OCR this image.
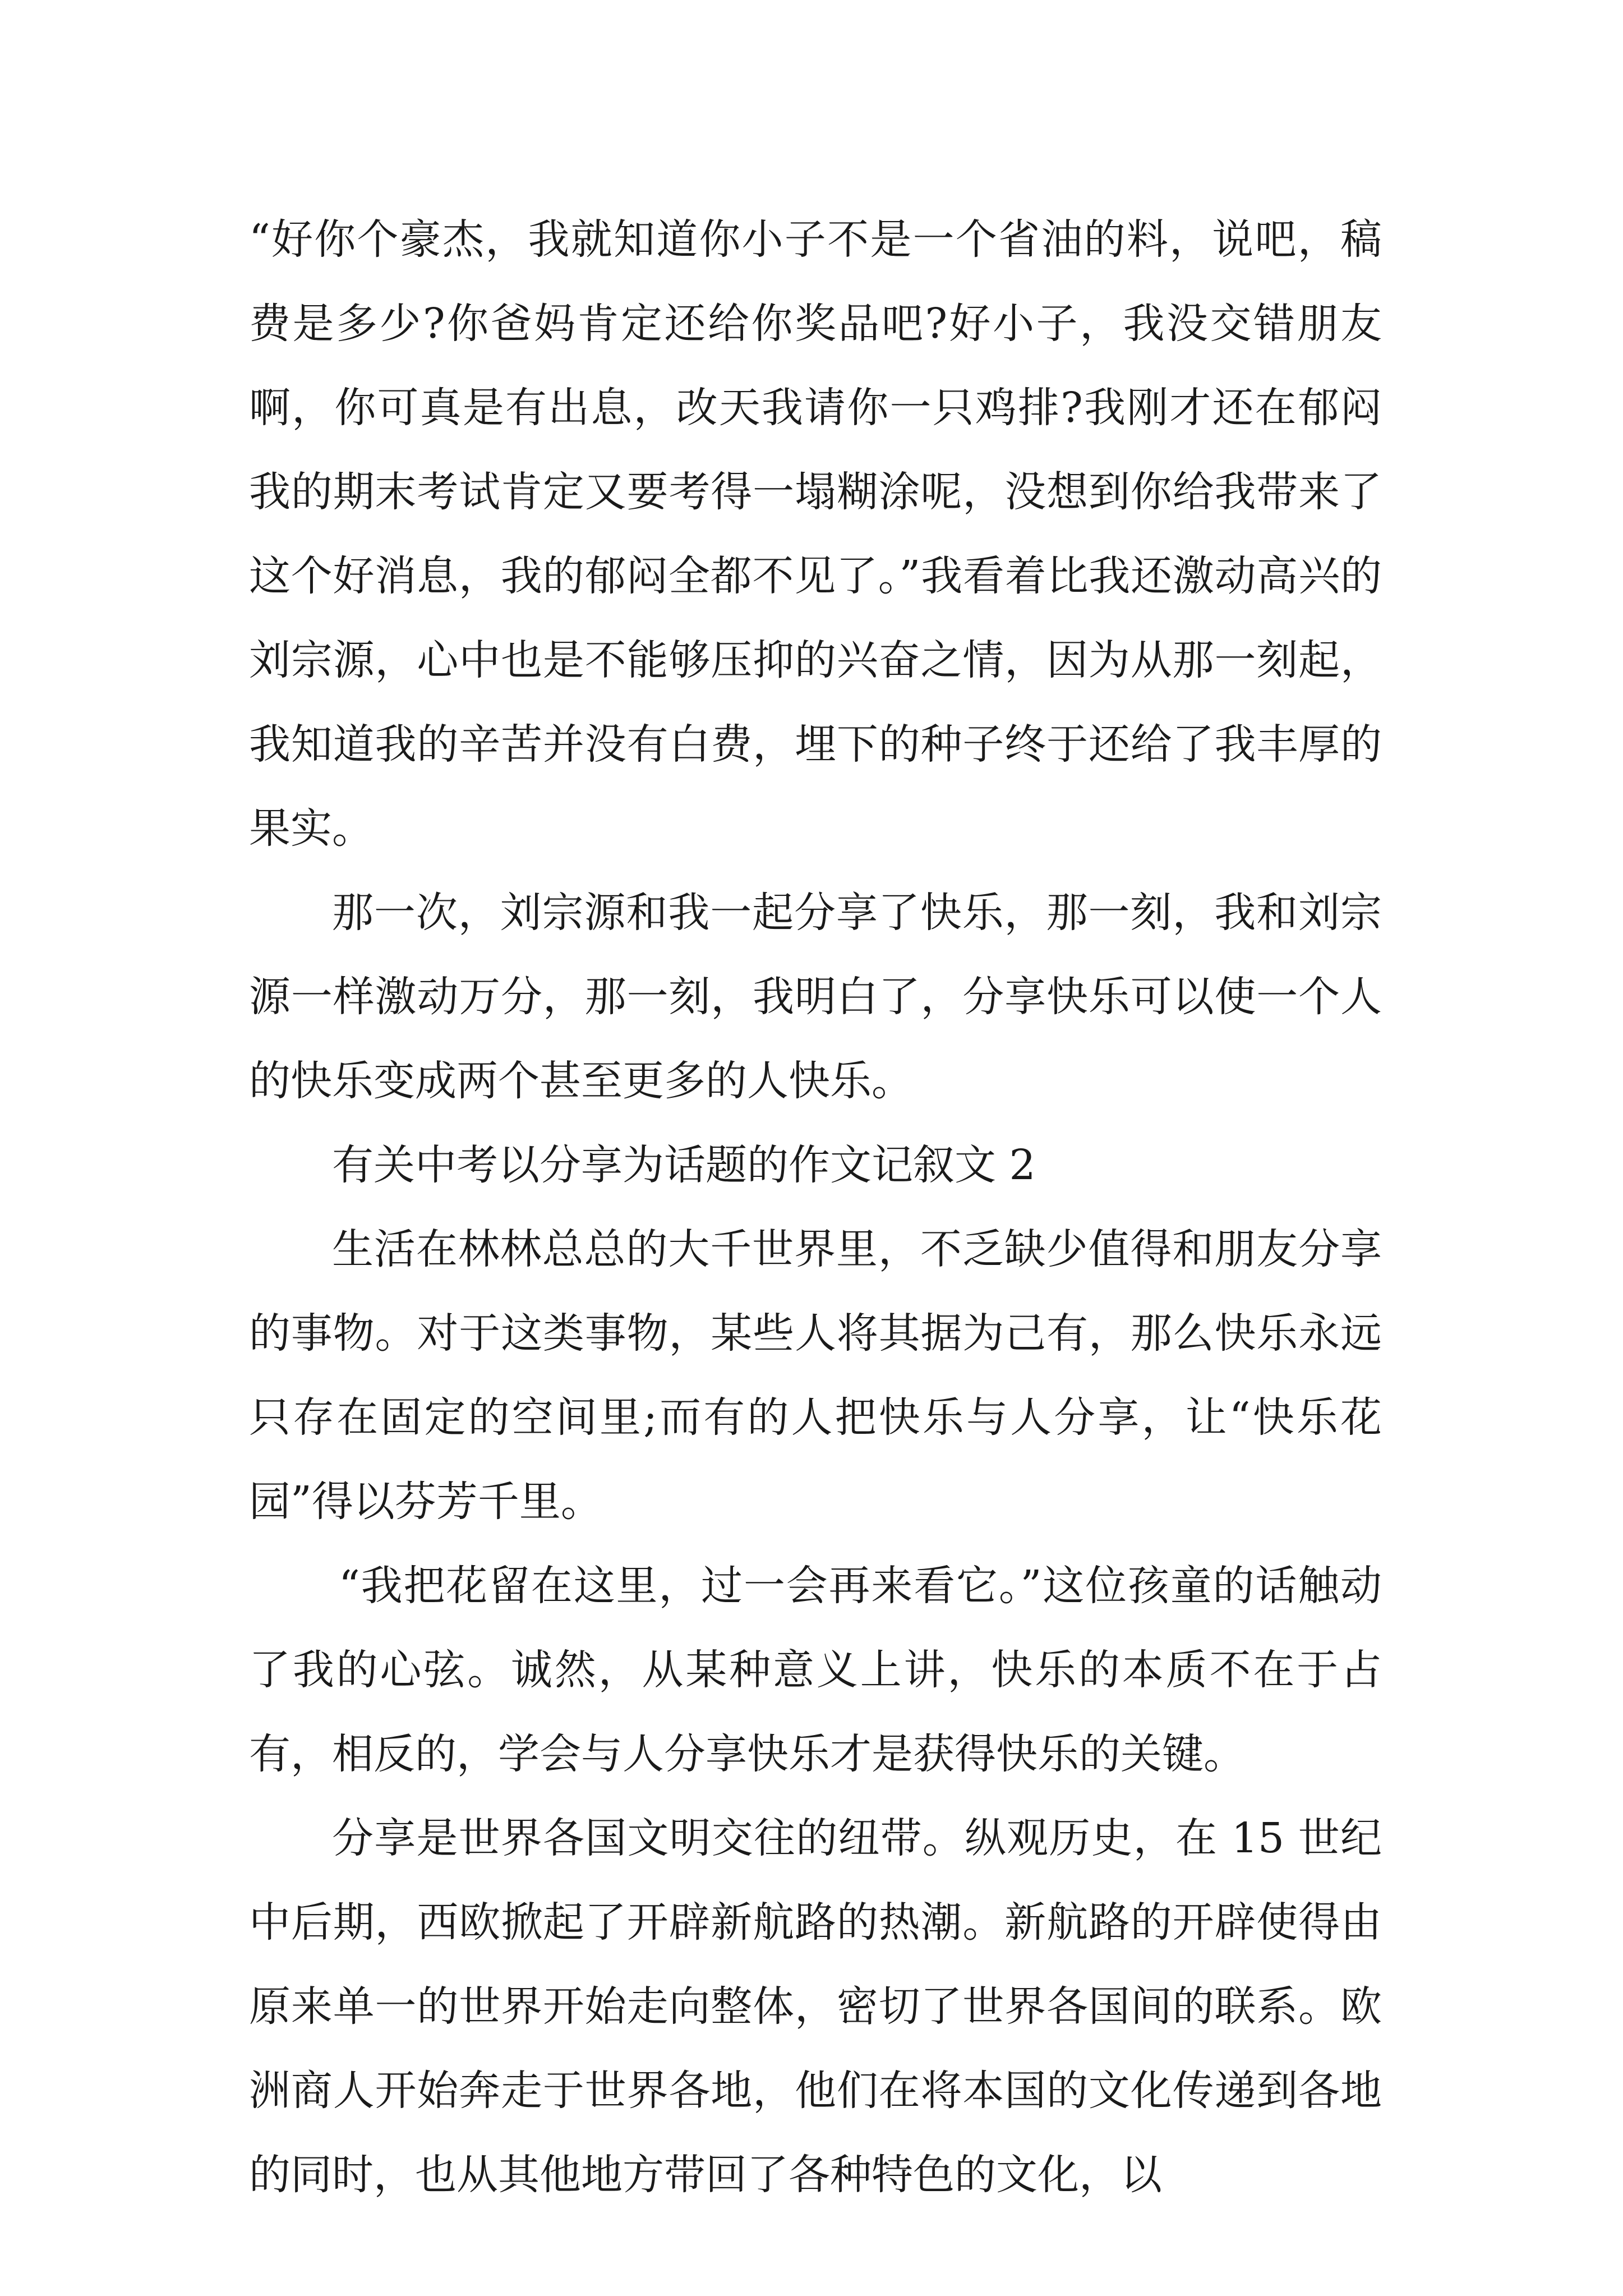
“好你个豪杰，我就知道你小子不是一个省油的料，说吧，稿费是多少?你爸妈肯定还给你奖品吧?好小子，我没交错朋友啊，你可真是有出息，改天我请你一只鸡排?我刚才还在郁闷我的期末考试肯定又要考得一塌糊涂呢，没想到你给我带来了这个好消息，我的郁闷全都不见了。”我看着比我还激动高兴的刘宗源，心中也是不能够压抑的兴奋之情，因为从那一刻起，我知道我的辛苦并没有白费，埋下的种子终于还给了我丰厚的果实。

那一次，刘宗源和我一起分享了快乐，那一刻，我和刘宗源一样激动万分，那一刻，我明白了，分享快乐可以使一个人的快乐变成两个甚至更多的人快乐。

有关中考以分享为话题的作文记叙文 2

生活在林林总总的大千世界里，不乏缺少值得和朋友分享的事物。对于这类事物，某些人将其据为己有，那么快乐永远只存在固定的空间里;而有的人把快乐与人分享，让“快乐花园”得以芬芳千里。

“我把花留在这里，过一会再来看它。”这位孩童的话触动了我的心弦。诚然，从某种意义上讲，快乐的本质不在于占有，相反的，学会与人分享快乐才是获得快乐的关键。

分享是世界各国文明交往的纽带。纵观历史，在 15 世纪中后期，西欧掀起了开辟新航路的热潮。新航路的开辟使得由原来单一的世界开始走向整体，密切了世界各国间的联系。欧洲商人开始奔走于世界各地，他们在将本国的文化传递到各地的同时，也从其他地方带回了各种特色的文化，以
